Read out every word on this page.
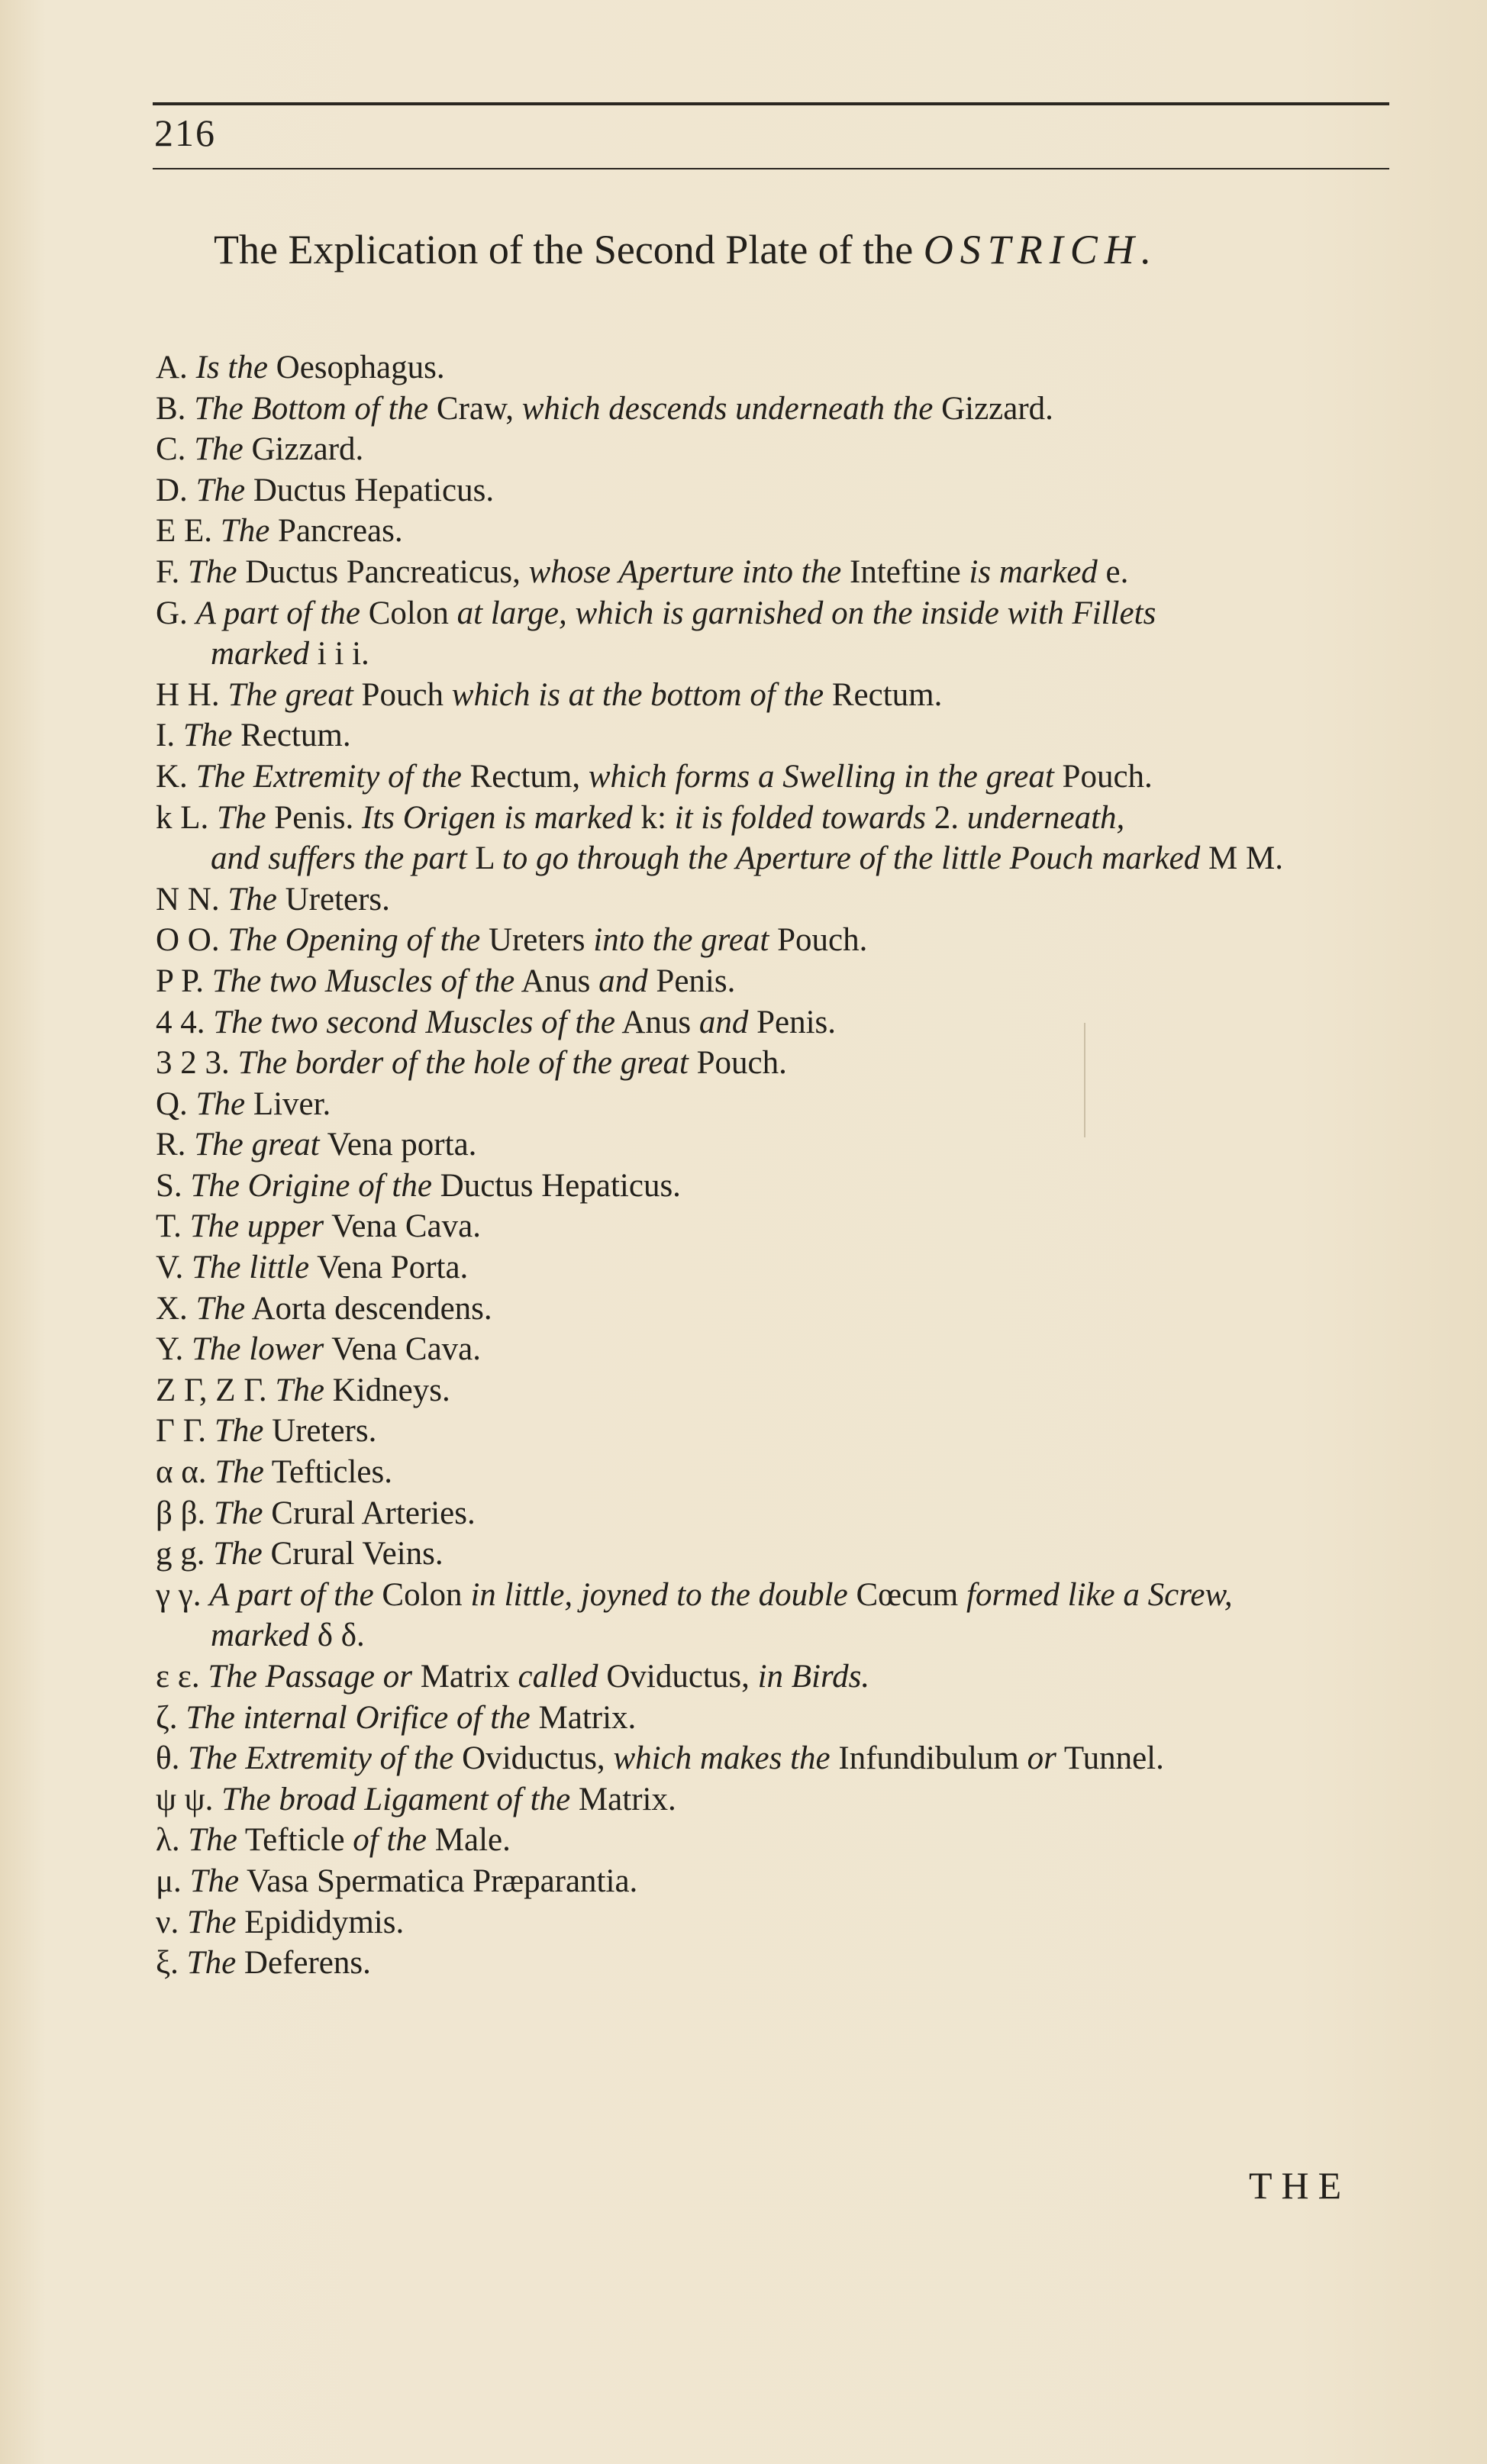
216
The Explication of the Second Plate of the OSTRICH.
A. Is the Oesophagus.
B. The Bottom of the Craw, which descends underneath the Gizzard.
C. The Gizzard.
D. The Ductus Hepaticus.
E E. The Pancreas.
F. The Ductus Pancreaticus, whose Aperture into the Inteftine is marked e.
G. A part of the Colon at large, which is garnished on the inside with Fillets
marked i i i.
H H. The great Pouch which is at the bottom of the Rectum.
I. The Rectum.
K. The Extremity of the Rectum, which forms a Swelling in the great Pouch.
k L. The Penis. Its Origen is marked k: it is folded towards 2. underneath,
and suffers the part L to go through the Aperture of the little Pouch marked M M.
N N. The Ureters.
O O. The Opening of the Ureters into the great Pouch.
P P. The two Muscles of the Anus and Penis.
4 4. The two second Muscles of the Anus and Penis.
3 2 3. The border of the hole of the great Pouch.
Q. The Liver.
R. The great Vena porta.
S. The Origine of the Ductus Hepaticus.
T. The upper Vena Cava.
V. The little Vena Porta.
X. The Aorta descendens.
Y. The lower Vena Cava.
Z Γ, Z Γ. The Kidneys.
Γ Γ. The Ureters.
α α. The Tefticles.
β β. The Crural Arteries.
g g. The Crural Veins.
γ γ. A part of the Colon in little, joyned to the double Cœcum formed like a Screw,
marked δ δ.
ε ε. The Passage or Matrix called Oviductus, in Birds.
ζ. The internal Orifice of the Matrix.
θ. The Extremity of the Oviductus, which makes the Infundibulum or Tunnel.
ψ ψ. The broad Ligament of the Matrix.
λ. The Tefticle of the Male.
μ. The Vasa Spermatica Præparantia.
ν. The Epididymis.
ξ. The Deferens.
THE
